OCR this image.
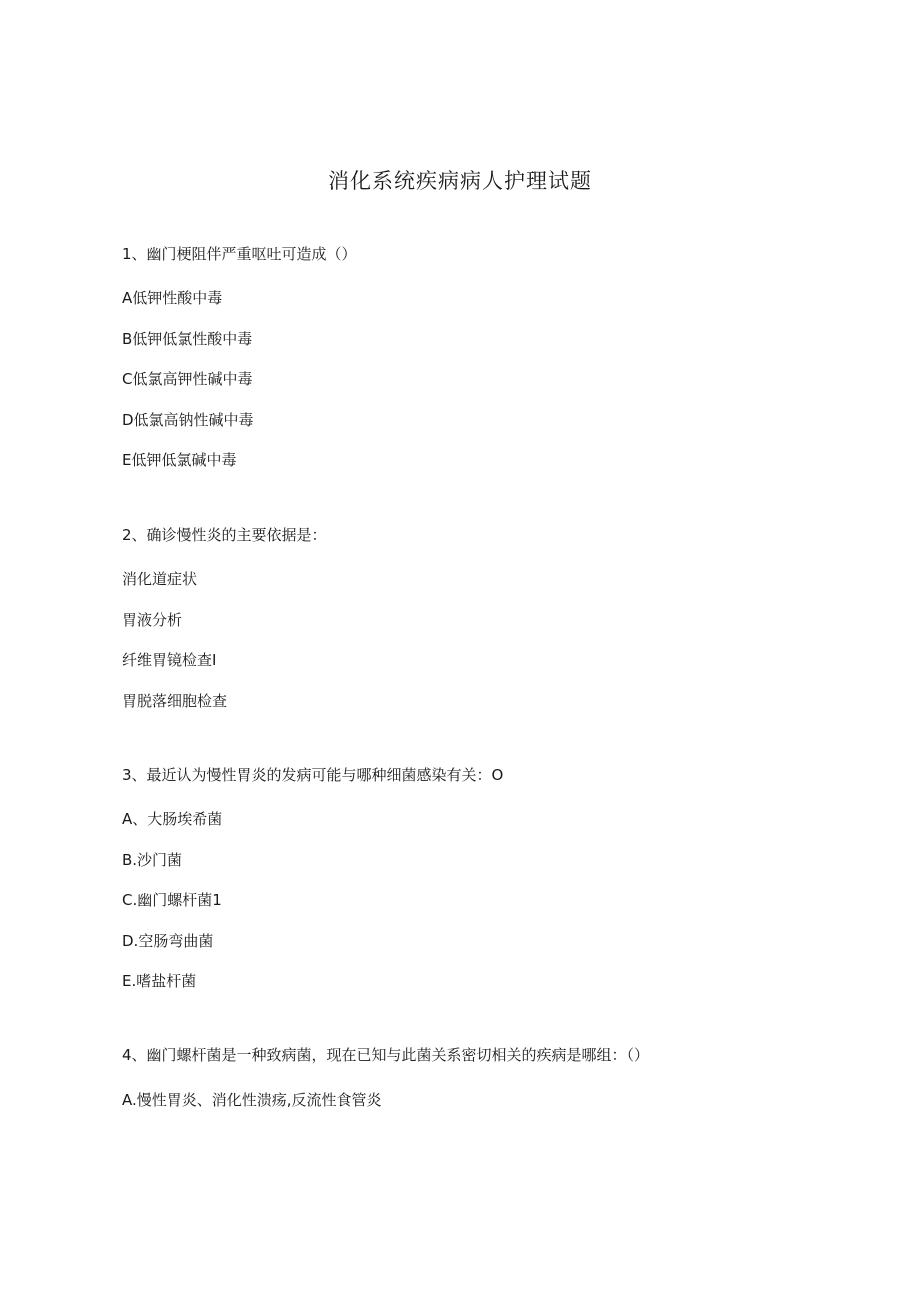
消化系统疾病病人护理试题
1、幽门梗阻伴严重呕吐可造成（）
A低钾性酸中毒
B低钾低氯性酸中毒
C低氯高钾性碱中毒
D低氯高钠性碱中毒
E低钾低氯碱中毒
2、确诊慢性炎的主要依据是：
消化道症状
胃液分析
纤维胃镜检查I
胃脱落细胞检查
3、最近认为慢性胃炎的发病可能与哪种细菌感染有关：O
A、大肠埃希菌
B.沙门菌
C.幽门螺杆菌1
D.空肠弯曲菌
E.嗜盐杆菌
4、幽门螺杆菌是一种致病菌，现在已知与此菌关系密切相关的疾病是哪组：（）
A.慢性胃炎、消化性溃疡,反流性食管炎
